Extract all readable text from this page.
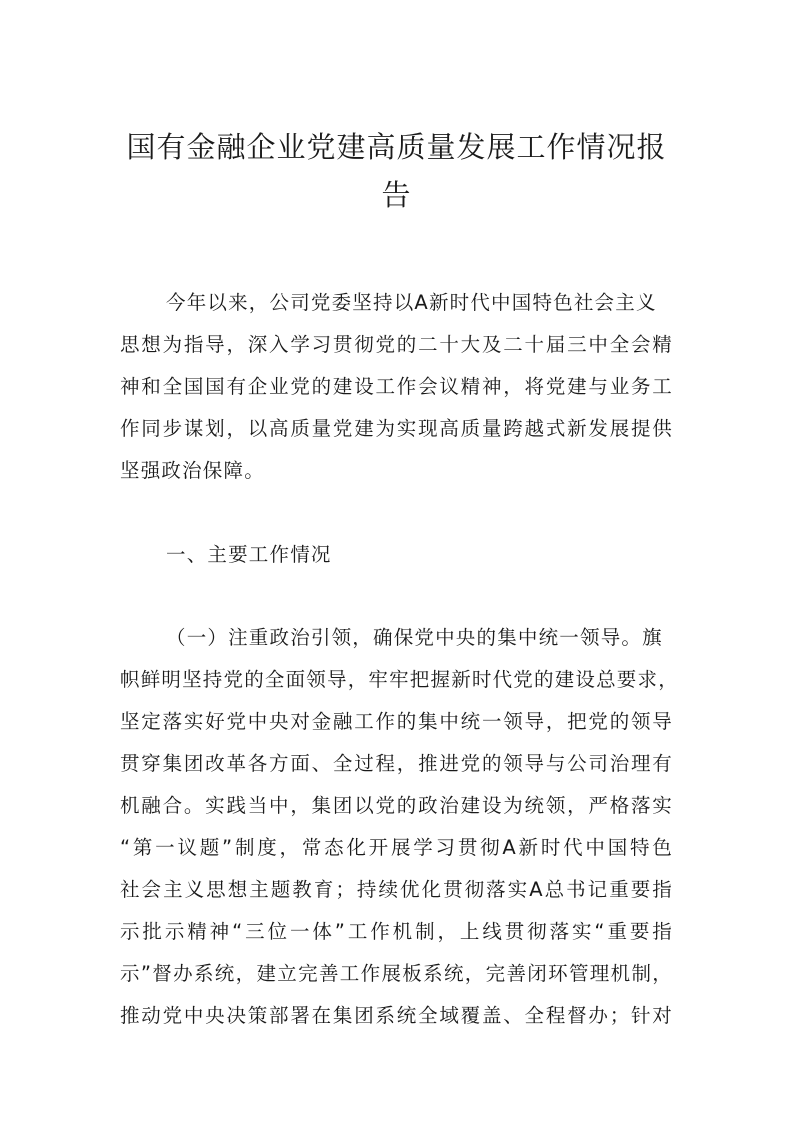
国有金融企业党建高质量发展工作情况报
告
今年以来，公司党委坚持以A新时代中国特色社会主义
思想为指导，深入学习贯彻党的二十大及二十届三中全会精
神和全国国有企业党的建设工作会议精神，将党建与业务工
作同步谋划，以高质量党建为实现高质量跨越式新发展提供
坚强政治保障。
一、主要工作情况
（一）注重政治引领，确保党中央的集中统一领导。旗
帜鲜明坚持党的全面领导，牢牢把握新时代党的建设总要求，
坚定落实好党中央对金融工作的集中统一领导，把党的领导
贯穿集团改革各方面、全过程，推进党的领导与公司治理有
机融合。实践当中，集团以党的政治建设为统领，严格落实
“第一议题”制度，常态化开展学习贯彻A新时代中国特色
社会主义思想主题教育；持续优化贯彻落实A总书记重要指
示批示精神“三位一体”工作机制，上线贯彻落实“重要指
示”督办系统，建立完善工作展板系统，完善闭环管理机制，
推动党中央决策部署在集团系统全域覆盖、全程督办；针对
